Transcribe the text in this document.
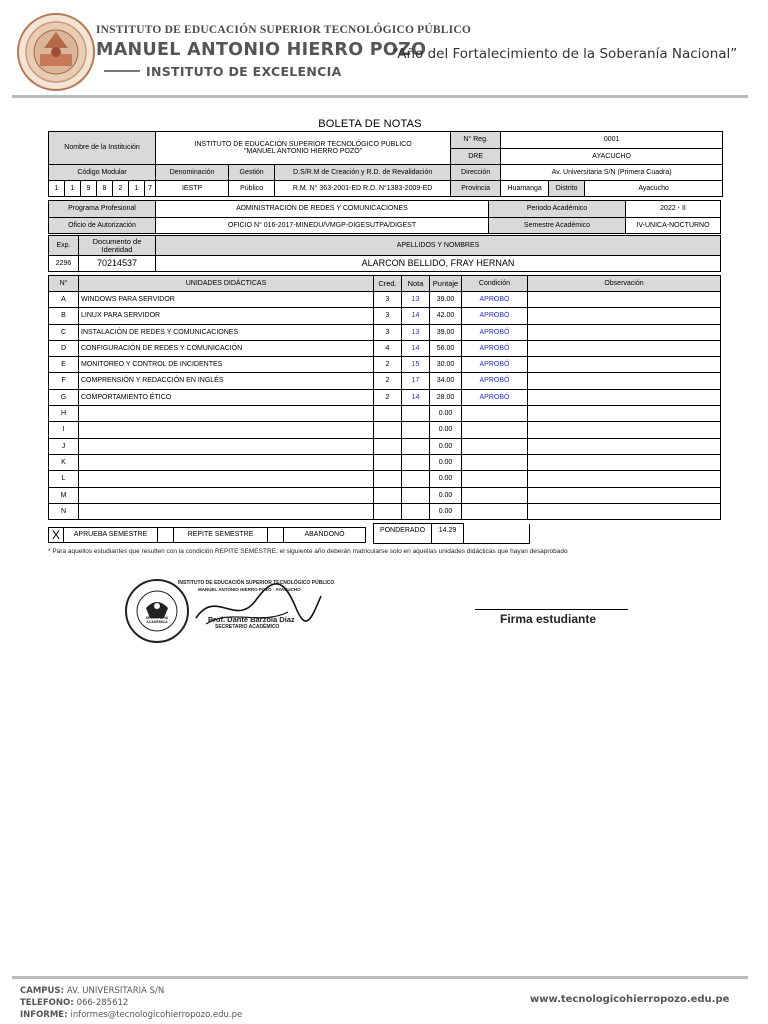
INSTITUTO DE EDUCACIÓN SUPERIOR TECNOLÓGICO PÚBLICO
MANUEL ANTONIO HIERRO POZO
INSTITUTO DE EXCELENCIA
“Año del Fortalecimiento de la Soberanía Nacional”
BOLETA DE NOTAS
Nombre de la Institución							INSTITUTO DE EDUCACIÓN SUPERIOR TECNOLÓGICO PÚBLICO
"MANUEL ANTONIO HIERRO POZO"			N° Reg.	0001		
										DRE	AYACUCHO		
Código Modular							Denominación	Gestión	D.S/R.M de Creación y R.D. de Revalidación	Dirección	Av. Universitaria S/N (Primera Cuadra)		
1	1	9	8	2	1	7	IESTP	Público	R.M. N° 363-2001-ED R.D. N°1383-2009-ED	Provincia	Huamanga	Distrito	Ayacucho
Programa Profesional	ADMINISTRACIÓN DE REDES Y COMUNICACIONES	Periodo Académico	2022 - II
Oficio de Autorización	OFICIO N° 016-2017-MINEDU/VMGP-DIGESUTPA/DIGEST	Semestre Académico	IV-UNICA-NOCTURNO
Exp.	Documento de Identidad	APELLIDOS Y NOMBRES
2296	70214537	ALARCON BELLIDO, FRAY HERNAN
N°	UNIDADES DIDÁCTICAS	Cred.	Nota	Puntaje	Condición	Observación
A	WINDOWS PARA SERVIDOR	3	13	39.00	APROBÓ	
B	LINUX PARA SERVIDOR	3	14	42.00	APROBÓ	
C	INSTALACIÓN DE REDES Y COMUNICACIONES	3	13	39.00	APROBÓ	
D	CONFIGURACIÓN DE REDES Y COMUNICACIÓN	4	14	56.00	APROBÓ	
E	MONITOREO Y CONTROL DE INCIDENTES	2	15	30.00	APROBÓ	
F	COMPRENSIÓN Y REDACCIÓN EN INGLÉS	2	17	34.00	APROBÓ	
G	COMPORTAMIENTO ÉTICO	2	14	28.00	APROBÓ	
H				0.00		
I				0.00		
J				0.00		
K				0.00		
L				0.00		
M				0.00		
N				0.00		
X	APRUEBA SEMESTRE	REPITE SEMESTRE	ABANDONÓ
PONDERADO	14.29	
* Para aquellos estudiantes que resulten con la condición REPITE SEMESTRE, el siguiente año deberán matricularse solo en aquellas unidades didácticas que hayan desaprobado
SECRETARIA ACADÉMICA
INSTITUTO DE EDUCACIÓN SUPERIOR TECNOLÓGICO PÚBLICO
MANUEL ANTONIO HIERRO POZO - AYACUCHO
Prof. Dante Barzola Díaz
SECRETARIO ACADÉMICO
Firma estudiante
CAMPUS: AV. UNIVERSITARIA S/N
TELEFONO: 066-285612
INFORME: informes@tecnologicohierropozo.edu.pe
www.tecnologicohierropozo.edu.pe
